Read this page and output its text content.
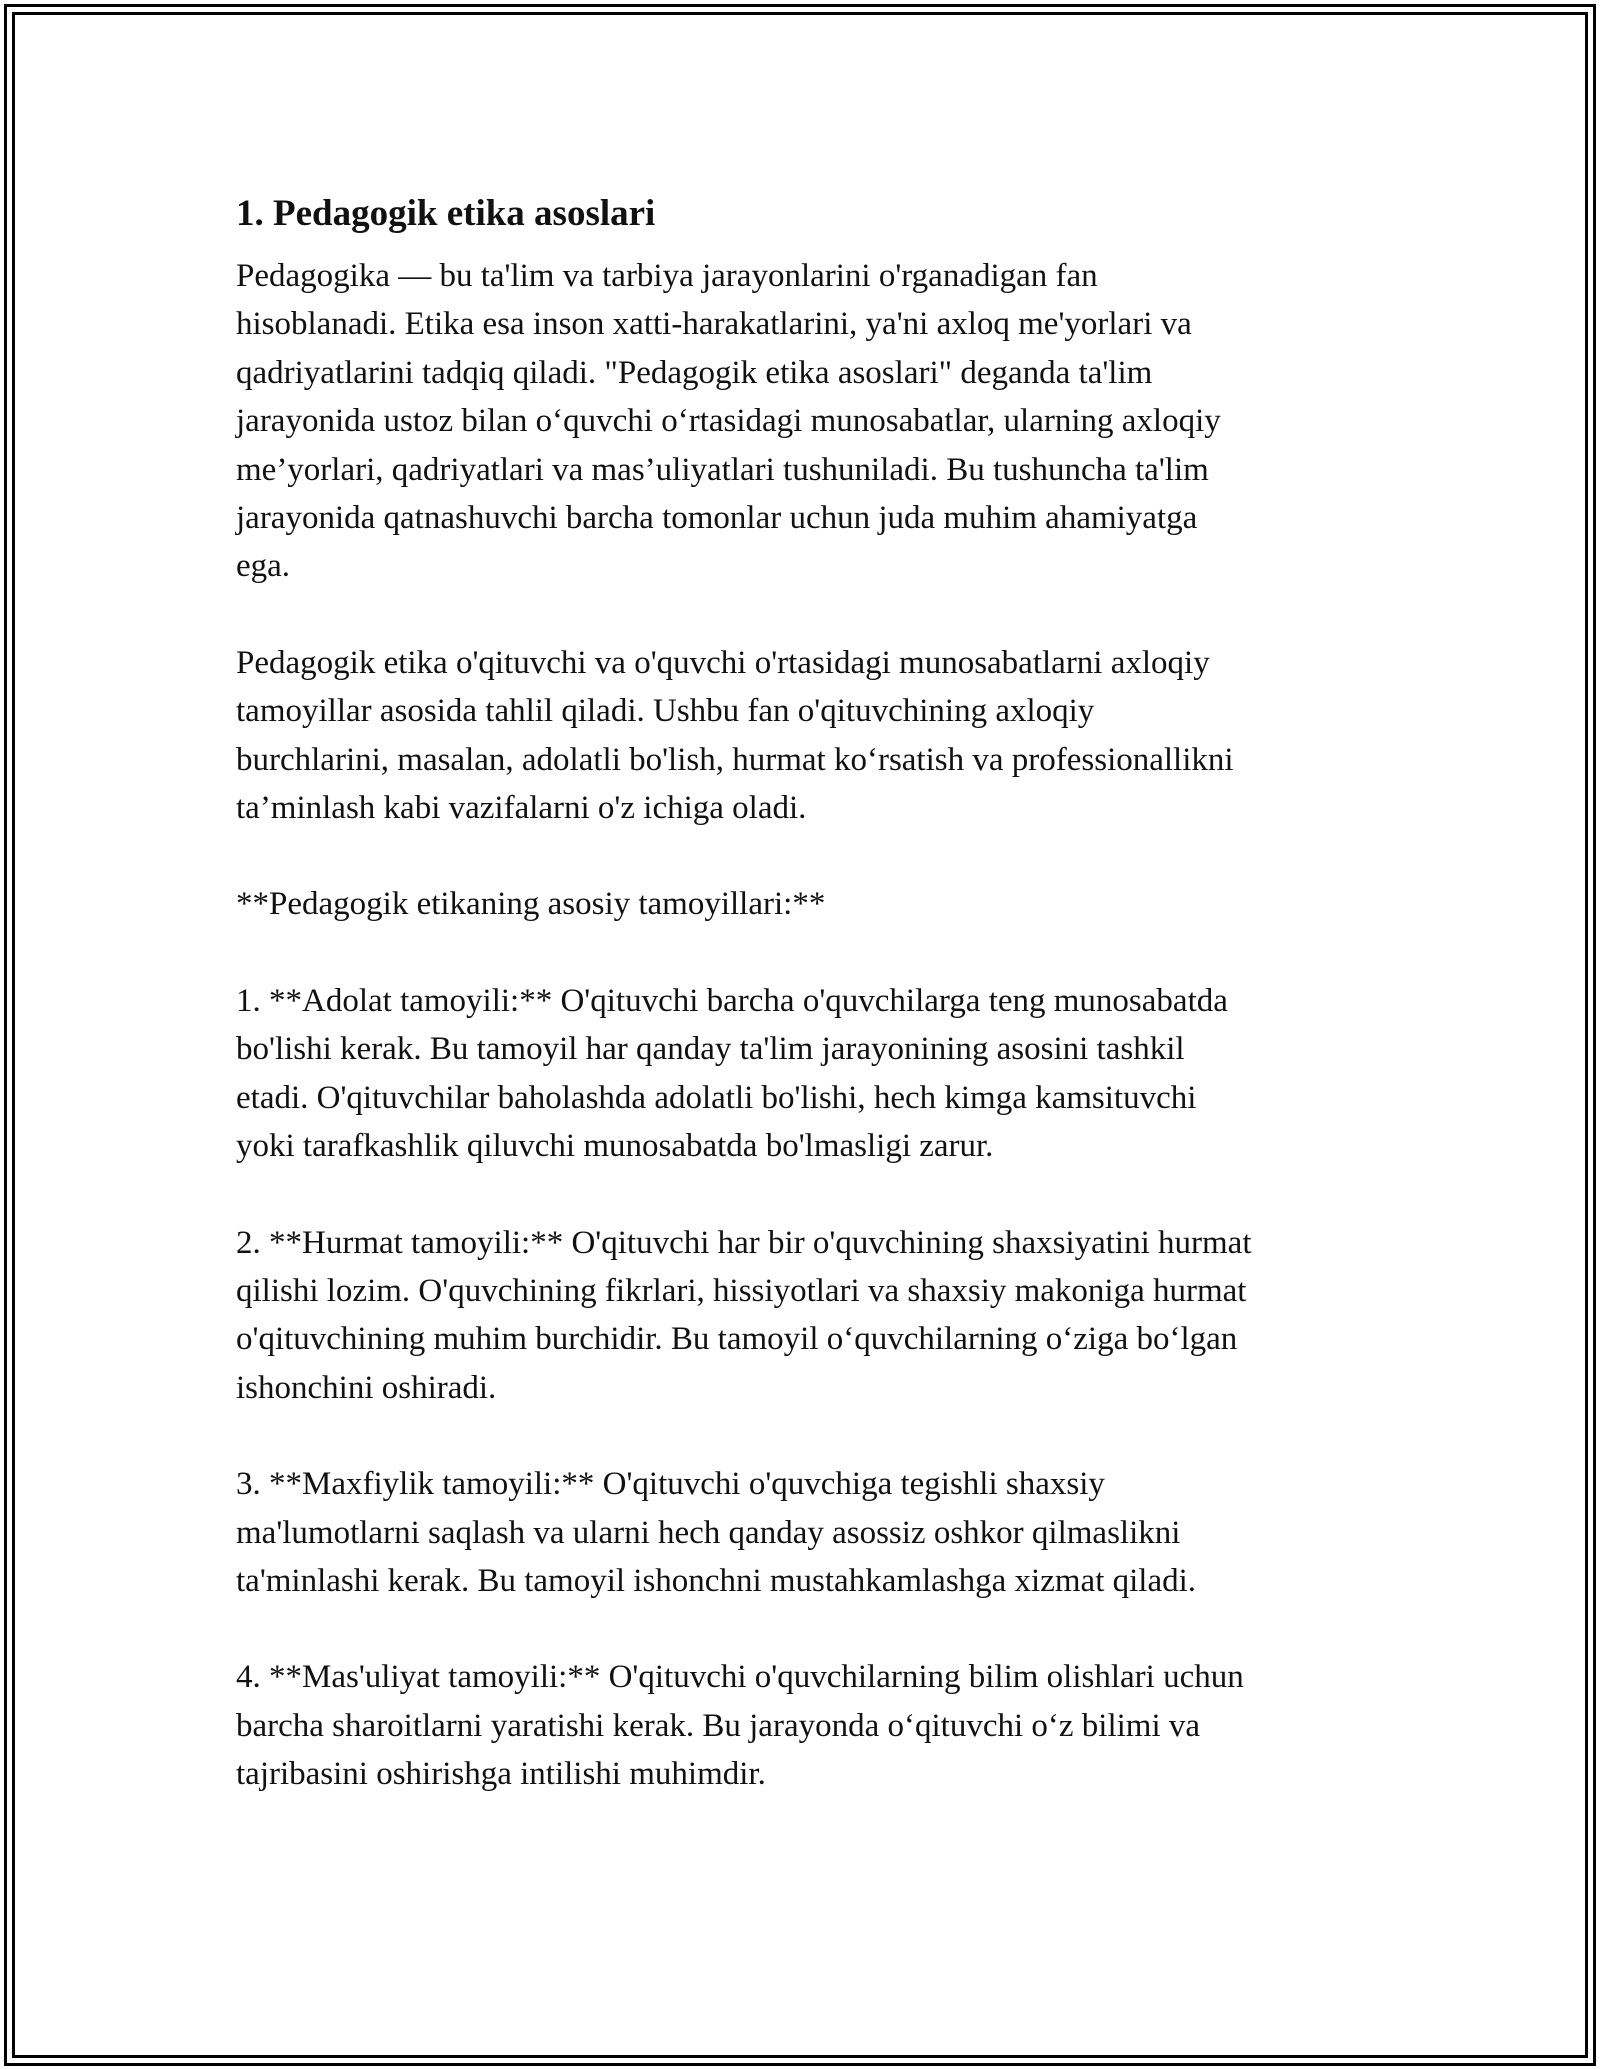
1. Pedagogik etika asoslari

Pedagogika — bu ta'lim va tarbiya jarayonlarini o'rganadigan fan
hisoblanadi. Etika esa inson xatti-harakatlarini, ya'ni axloq me'yorlari va
qadriyatlarini tadqiq qiladi. "Pedagogik etika asoslari" deganda ta'lim
jarayonida ustoz bilan o‘quvchi o‘rtasidagi munosabatlar, ularning axloqiy
me’yorlari, qadriyatlari va mas’uliyatlari tushuniladi. Bu tushuncha ta'lim
jarayonida qatnashuvchi barcha tomonlar uchun juda muhim ahamiyatga
ega.

Pedagogik etika o'qituvchi va o'quvchi o'rtasidagi munosabatlarni axloqiy
tamoyillar asosida tahlil qiladi. Ushbu fan o'qituvchining axloqiy
burchlarini, masalan, adolatli bo'lish, hurmat ko‘rsatish va professionallikni
ta’minlash kabi vazifalarni o'z ichiga oladi.

**Pedagogik etikaning asosiy tamoyillari:**

1. **Adolat tamoyili:** O'qituvchi barcha o'quvchilarga teng munosabatda
bo'lishi kerak. Bu tamoyil har qanday ta'lim jarayonining asosini tashkil
etadi. O'qituvchilar baholashda adolatli bo'lishi, hech kimga kamsituvchi
yoki tarafkashlik qiluvchi munosabatda bo'lmasligi zarur.

2. **Hurmat tamoyili:** O'qituvchi har bir o'quvchining shaxsiyatini hurmat
qilishi lozim. O'quvchining fikrlari, hissiyotlari va shaxsiy makoniga hurmat
o'qituvchining muhim burchidir. Bu tamoyil o‘quvchilarning o‘ziga bo‘lgan
ishonchini oshiradi.

3. **Maxfiylik tamoyili:** O'qituvchi o'quvchiga tegishli shaxsiy
ma'lumotlarni saqlash va ularni hech qanday asossiz oshkor qilmaslikni
ta'minlashi kerak. Bu tamoyil ishonchni mustahkamlashga xizmat qiladi.

4. **Mas'uliyat tamoyili:** O'qituvchi o'quvchilarning bilim olishlari uchun
barcha sharoitlarni yaratishi kerak. Bu jarayonda o‘qituvchi o‘z bilimi va
tajribasini oshirishga intilishi muhimdir.
